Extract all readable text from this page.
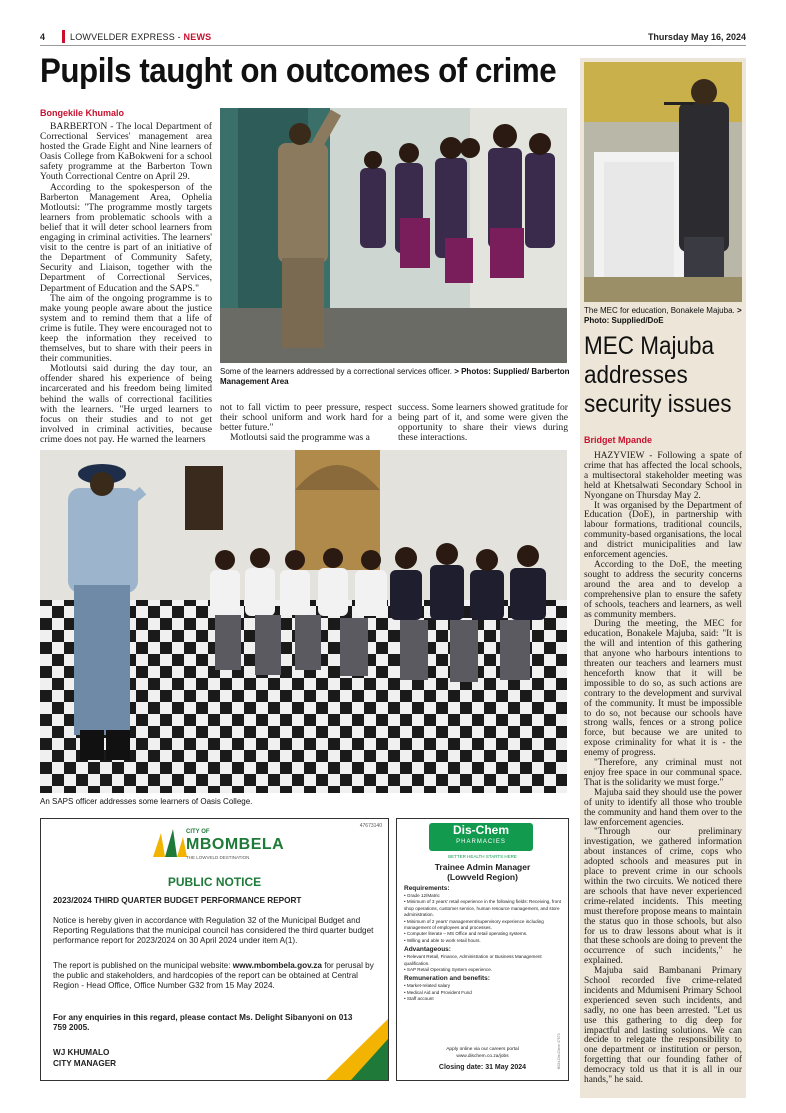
4	LOWVELDER EXPRESS - NEWS	Thursday May 16, 2024
Pupils taught on outcomes of crime
Bongekile Khumalo

BARBERTON - The local Department of Correctional Services' management area hosted the Grade Eight and Nine learners of Oasis College from KaBokweni for a school safety programme at the Barberton Town Youth Correctional Centre on April 29.

According to the spokesperson of the Barberton Management Area, Ophelia Motloutsi: "The programme mostly targets learners from problematic schools with a belief that it will deter school learners from engaging in criminal activities. The learners' visit to the centre is part of an initiative of the Department of Community Safety, Security and Liaison, together with the Department of Correctional Services, Department of Education and the SAPS."

The aim of the ongoing programme is to make young people aware about the justice system and to remind them that a life of crime is futile. They were encouraged not to keep the information they received to themselves, but to share with their peers in their communities.

Motloutsi said during the day tour, an offender shared his experience of being incarcerated and his freedom being limited behind the walls of correctional facilities with the learners. "He urged learners to focus on their studies and to not get involved in criminal activities, because crime does not pay. He warned the learners

Some of the learners addressed by a correctional services officer. > Photos: Supplied/ Barberton Management Area

not to fall victim to peer pressure, respect their school uniform and work hard for a better future."

Motloutsi said the programme was a

success. Some learners showed gratitude for being part of it, and some were given the opportunity to share their views during these interactions.

An SAPS officer addresses some learners of Oasis College.
The MEC for education, Bonakele Majuba. > Photo: Supplied/DoE
MEC Majuba addresses security issues
Bridget Mpande

HAZYVIEW - Following a spate of crime that has affected the local schools, a multisectoral stakeholder meeting was held at Khetsalwati Secondary School in Nyongane on Thursday May 2.

It was organised by the Department of Education (DoE), in partnership with labour formations, traditional councils, community-based organisations, the local and district municipalities and law enforcement agencies.

According to the DoE, the meeting sought to address the security concerns around the area and to develop a comprehensive plan to ensure the safety of schools, teachers and learners, as well as community members.

During the meeting, the MEC for education, Bonakele Majuba, said: "It is the will and intention of this gathering that anyone who harbours intentions to threaten our teachers and learners must henceforth know that it will be impossible to do so, as such actions are contrary to the development and survival of the community. It must be impossible to do so, not because our schools have strong walls, fences or a strong police force, but because we are united to expose criminality for what it is - the enemy of progress.

"Therefore, any criminal must not enjoy free space in our communal space. That is the solidarity we must forge."

Majuba said they should use the power of unity to identify all those who trouble the community and hand them over to the law enforcement agencies.

"Through our preliminary investigation, we gathered information about instances of crime, cops who adopted schools and measures put in place to prevent crime in our schools within the two circuits. We noticed there are schools that have never experienced crime-related incidents. This meeting must therefore propose means to maintain the status quo in those schools, but also for us to draw lessons about what is it that these schools are doing to prevent the occurrence of such incidents," he explained.

Majuba said Bambanani Primary School recorded five crime-related incidents and Mdumiseni Primary School experienced seven such incidents, and sadly, no one has been arrested. "Let us use this gathering to dig deep for impactful and lasting solutions. We can decide to relegate the responsibility to one department or institution or person, forgetting that our founding father of democracy told us that it is all in our hands," he said.

47673140
CITY OF
MBOMBELA
THE LOWVELD DESTINATION
PUBLIC NOTICE
2023/2024 THIRD QUARTER BUDGET PERFORMANCE REPORT
Notice is hereby given in accordance with Regulation 32 of the Municipal Budget and Reporting Regulations that the municipal council has considered the third quarter budget performance report for 2023/2024 on 30 April 2024 under item A(1).
The report is published on the municipal website: www.mbombela.gov.za for perusal by the public and stakeholders, and hardcopies of the report can be obtained at Central Region - Head Office, Office Number G32 from 15 May 2024.
For any enquiries in this regard, please contact Ms. Delight Sibanyoni on 013 759 2005.
WJ KHUMALO
CITY MANAGER
Dis-Chem
PHARMACIES
BETTER HEALTH STARTS HERE
Trainee Admin Manager
(Lowveld Region)
Requirements:
• Grade 12/Matric
• Minimum of 3 years' retail experience in the following fields: Receiving, front shop operations, customer service, human resource management, and store administration.
• Minimum of 2 years' management/supervisory experience including management of employees and processes.
• Computer literate – MS Office and retail operating systems.
• Willing and able to work retail hours.
Advantageous:
• Relevant Retail, Finance, Administration or Business Management qualification.
• SAP Retail Operating System experience.
Remuneration and benefits:
• Market-related salary
• Medical Aid and Provident Fund
• Staff account
Apply online via our careers portal
www.dischem.co.za/jobs
Closing date: 31 May 2024	B024-Dis-Chem 47670
